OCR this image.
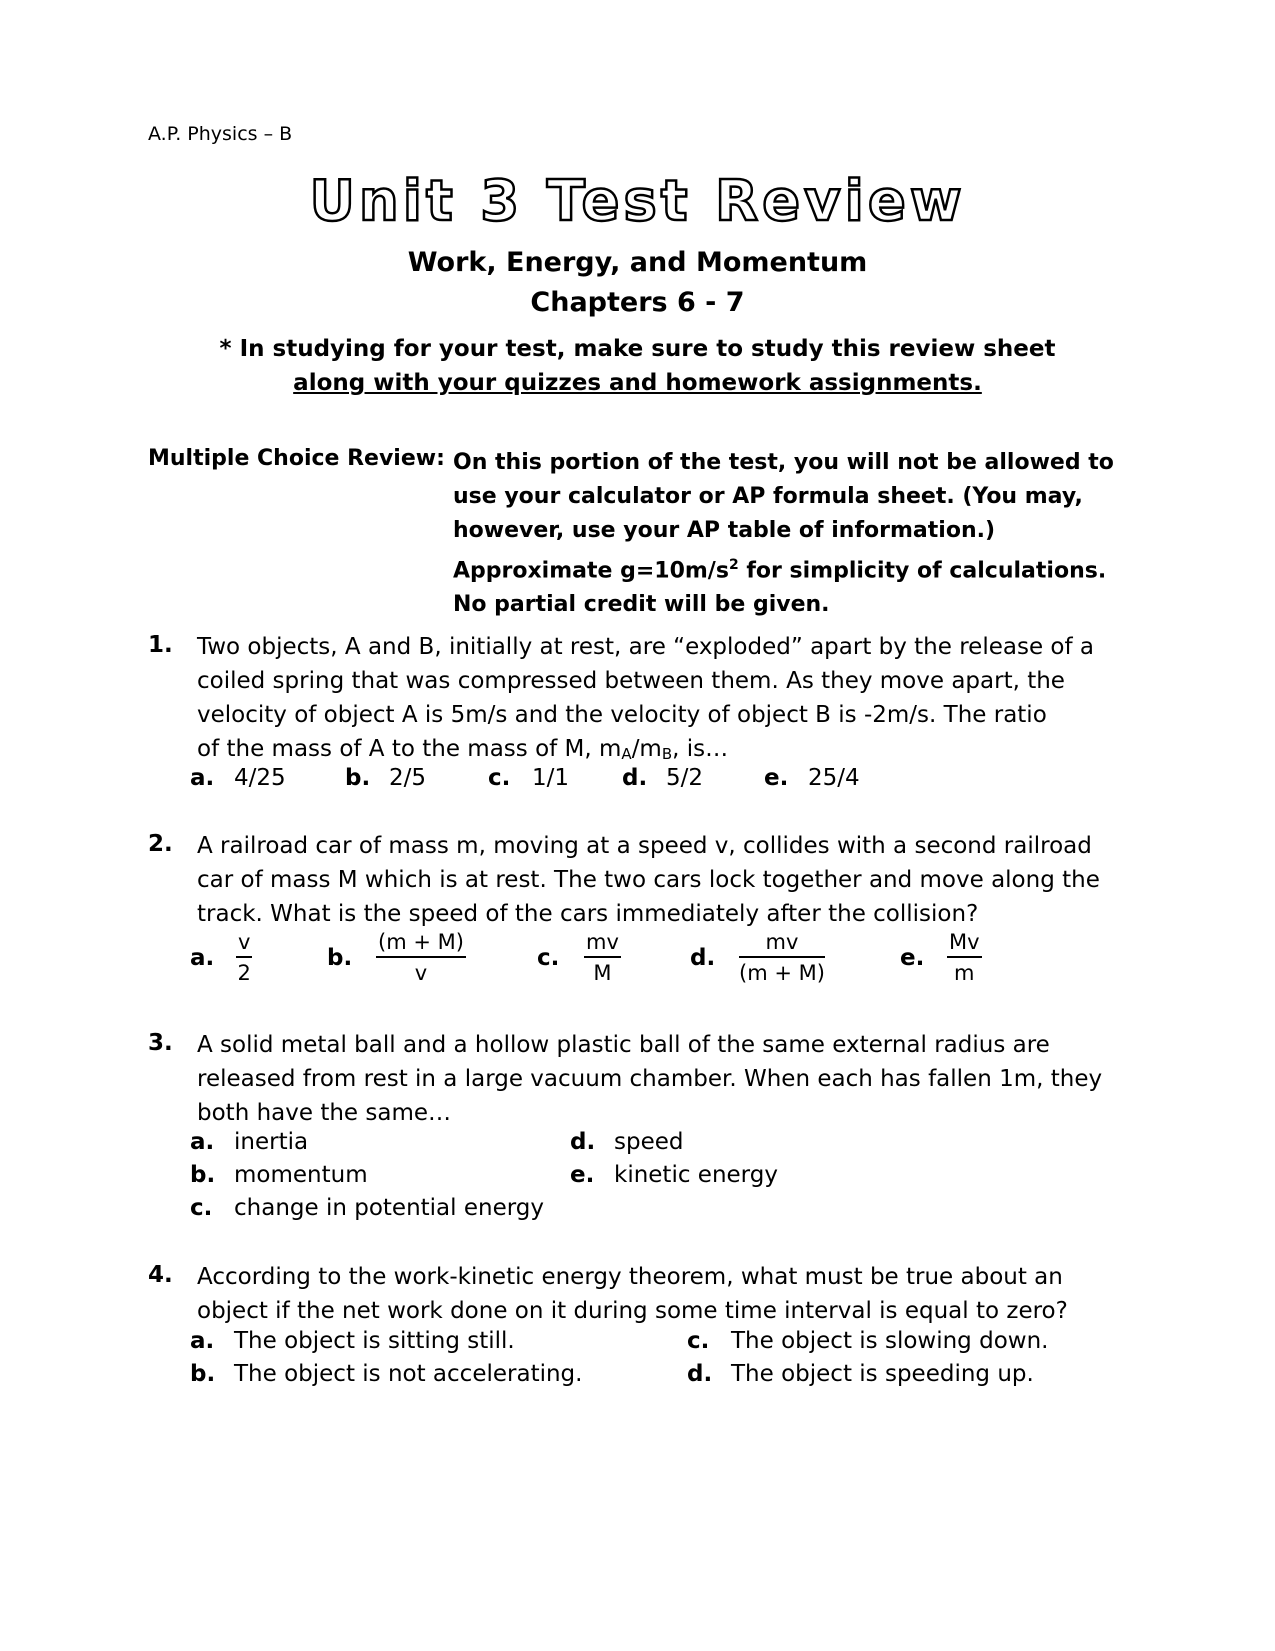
A.P. Physics – B
Unit 3 Test Review
Work, Energy, and Momentum
Chapters 6 - 7
* In studying for your test, make sure to study this review sheet
along with your quizzes and homework assignments.
Multiple Choice Review: On this portion of the test, you will not be allowed to
use your calculator or AP formula sheet. (You may,
however, use your AP table of information.)
Approximate $g=10m/s^2$ for simplicity of calculations.
No partial credit will be given.
1. Two objects, A and B, initially at rest, are “exploded” apart by the release of a
coiled spring that was compressed between them. As they move apart, the
velocity of object A is 5m/s and the velocity of object B is -2m/s. The ratio
of the mass of A to the mass of M, $m_A/m_B$, is…
a. 4/25	b. 2/5	c. 1/1 d. 5/2	e. 25/4
2. A railroad car of mass m, moving at a speed v, collides with a second railroad
car of mass M which is at rest. The two cars lock together and move along the
track. What is the speed of the cars immediately after the collision?
a.
v
2
b.
(m + M)
v
c.
mv
M
d.
mv
(m + M)
e.
Mv
m
3. A solid metal ball and a hollow plastic ball of the same external radius are
released from rest in a large vacuum chamber. When each has fallen 1m, they
both have the same…
a. inertia
b. momentum
c. change in potential energy
d. speed
e. kinetic energy
4. According to the work-kinetic energy theorem, what must be true about an
object if the net work done on it during some time interval is equal to zero?
a. The object is sitting still.
b. The object is not accelerating.
c. The object is slowing down.
d. The object is speeding up.
